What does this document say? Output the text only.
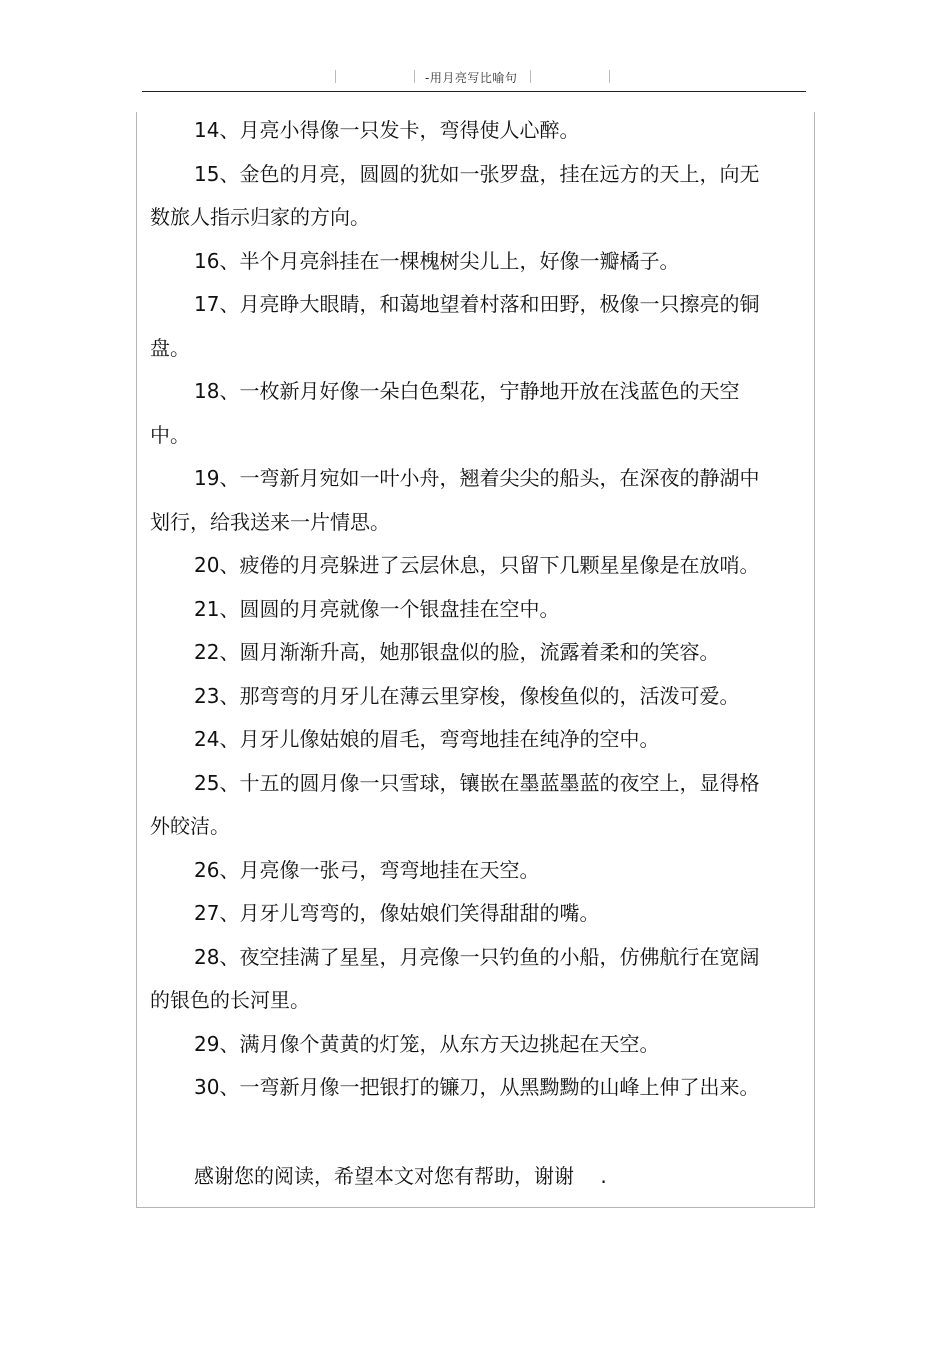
-用月亮写比喻句

14、月亮小得像一只发卡，弯得使人心醉。

15、金色的月亮，圆圆的犹如一张罗盘，挂在远方的天上，向无数旅人指示归家的方向。

16、半个月亮斜挂在一棵槐树尖儿上，好像一瓣橘子。

17、月亮睁大眼睛，和蔼地望着村落和田野，极像一只擦亮的铜盘。

18、一枚新月好像一朵白色梨花，宁静地开放在浅蓝色的天空中。

19、一弯新月宛如一叶小舟，翘着尖尖的船头，在深夜的静湖中划行，给我送来一片情思。

20、疲倦的月亮躲进了云层休息，只留下几颗星星像是在放哨。

21、圆圆的月亮就像一个银盘挂在空中。

22、圆月渐渐升高，她那银盘似的脸，流露着柔和的笑容。

23、那弯弯的月牙儿在薄云里穿梭，像梭鱼似的，活泼可爱。

24、月牙儿像姑娘的眉毛，弯弯地挂在纯净的空中。

25、十五的圆月像一只雪球，镶嵌在墨蓝墨蓝的夜空上，显得格外皎洁。

26、月亮像一张弓，弯弯地挂在天空。

27、月牙儿弯弯的，像姑娘们笑得甜甜的嘴。

28、夜空挂满了星星，月亮像一只钓鱼的小船，仿佛航行在宽阔的银色的长河里。

29、满月像个黄黄的灯笼，从东方天边挑起在天空。

30、一弯新月像一把银打的镰刀，从黑黝黝的山峰上伸了出来。

感谢您的阅读，希望本文对您有帮助，谢谢　 .
